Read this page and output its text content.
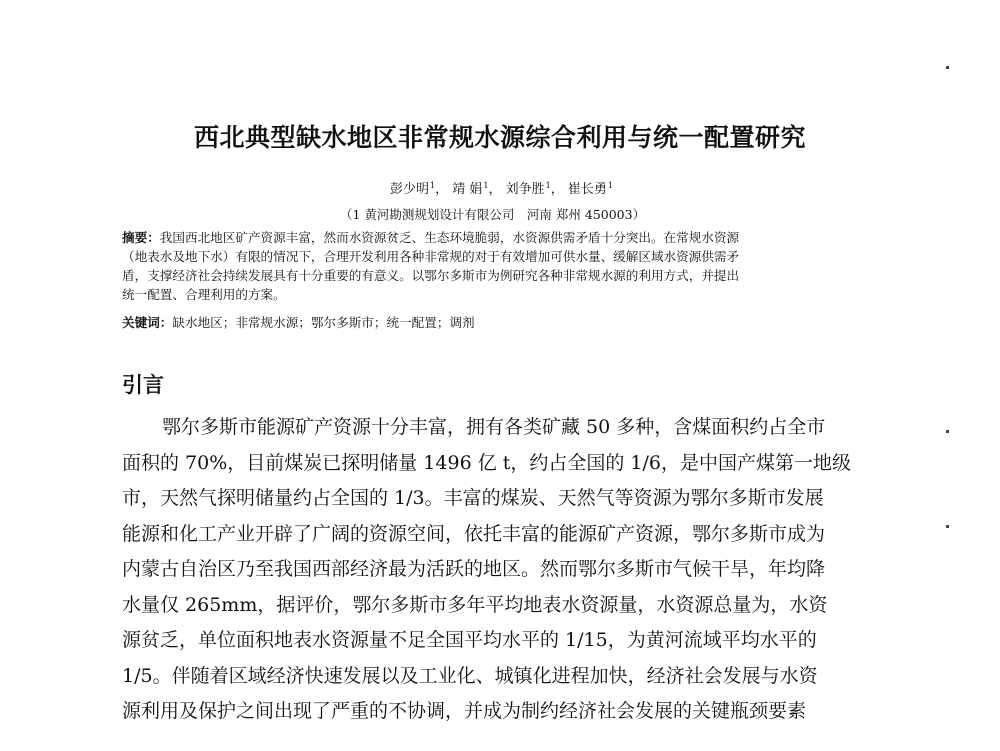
西北典型缺水地区非常规水源综合利用与统一配置研究
彭少明$^1$， 靖 娟$^1$， 刘争胜$^1$， 崔长勇$^1$
（1 黄河勘测规划设计有限公司　河南 郑州 450003）
摘要：我国西北地区矿产资源丰富，然而水资源贫乏、生态环境脆弱，水资源供需矛盾十分突出。在常规水资源
（地表水及地下水）有限的情况下，合理开发利用各种非常规的对于有效增加可供水量、缓解区域水资源供需矛
盾，支撑经济社会持续发展具有十分重要的有意义。以鄂尔多斯市为例研究各种非常规水源的利用方式，并提出
统一配置、合理利用的方案。
关键词：缺水地区；非常规水源；鄂尔多斯市；统一配置；调剂
引言
鄂尔多斯市能源矿产资源十分丰富，拥有各类矿藏 50 多种，含煤面积约占全市
面积的 70%，目前煤炭已探明储量 1496 亿 t，约占全国的 1/6，是中国产煤第一地级
市，天然气探明储量约占全国的 1/3。丰富的煤炭、天然气等资源为鄂尔多斯市发展
能源和化工产业开辟了广阔的资源空间，依托丰富的能源矿产资源，鄂尔多斯市成为
内蒙古自治区乃至我国西部经济最为活跃的地区。然而鄂尔多斯市气候干旱，年均降
水量仅 265mm，据评价，鄂尔多斯市多年平均地表水资源量，水资源总量为，水资
源贫乏，单位面积地表水资源量不足全国平均水平的 1/15，为黄河流域平均水平的
1/5。伴随着区域经济快速发展以及工业化、城镇化进程加快，经济社会发展与水资
源利用及保护之间出现了严重的不协调，并成为制约经济社会发展的关键瓶颈要素
